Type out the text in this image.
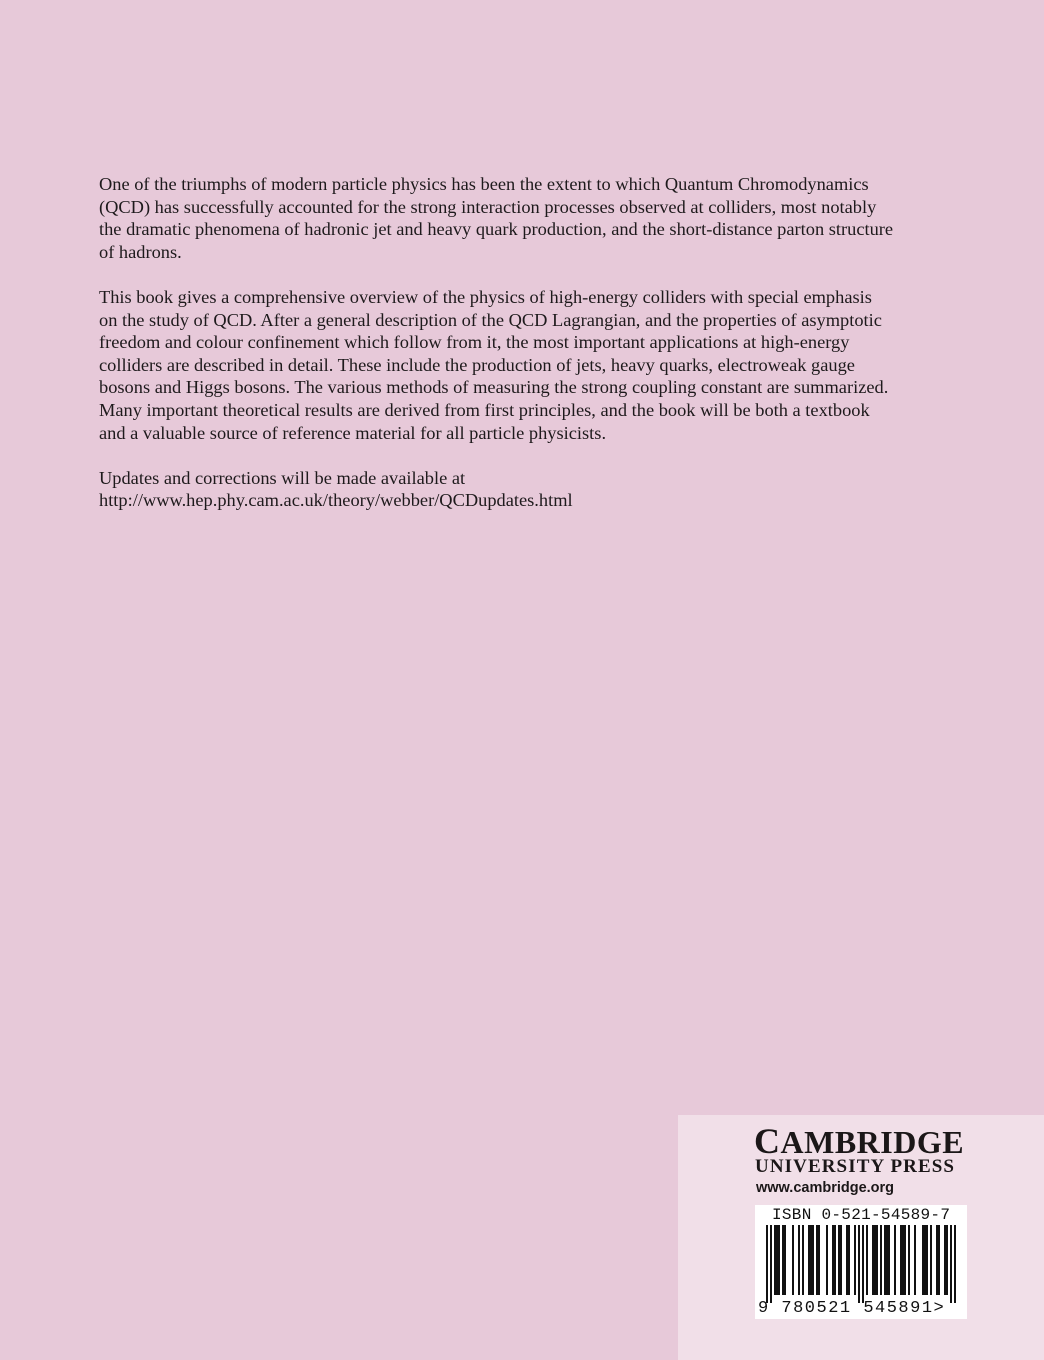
One of the triumphs of modern particle physics has been the extent to which Quantum Chromodynamics
(QCD) has successfully accounted for the strong interaction processes observed at colliders, most notably
the dramatic phenomena of hadronic jet and heavy quark production, and the short-distance parton structure
of hadrons.

This book gives a comprehensive overview of the physics of high-energy colliders with special emphasis
on the study of QCD. After a general description of the QCD Lagrangian, and the properties of asymptotic
freedom and colour confinement which follow from it, the most important applications at high-energy
colliders are described in detail. These include the production of jets, heavy quarks, electroweak gauge
bosons and Higgs bosons. The various methods of measuring the strong coupling constant are summarized.
Many important theoretical results are derived from first principles, and the book will be both a textbook
and a valuable source of reference material for all particle physicists.

Updates and corrections will be made available at
http://www.hep.phy.cam.ac.uk/theory/webber/QCDupdates.html

CAMBRIDGE
UNIVERSITY PRESS
www.cambridge.org
ISBN 0-521-54589-7
9 780521 545891>
